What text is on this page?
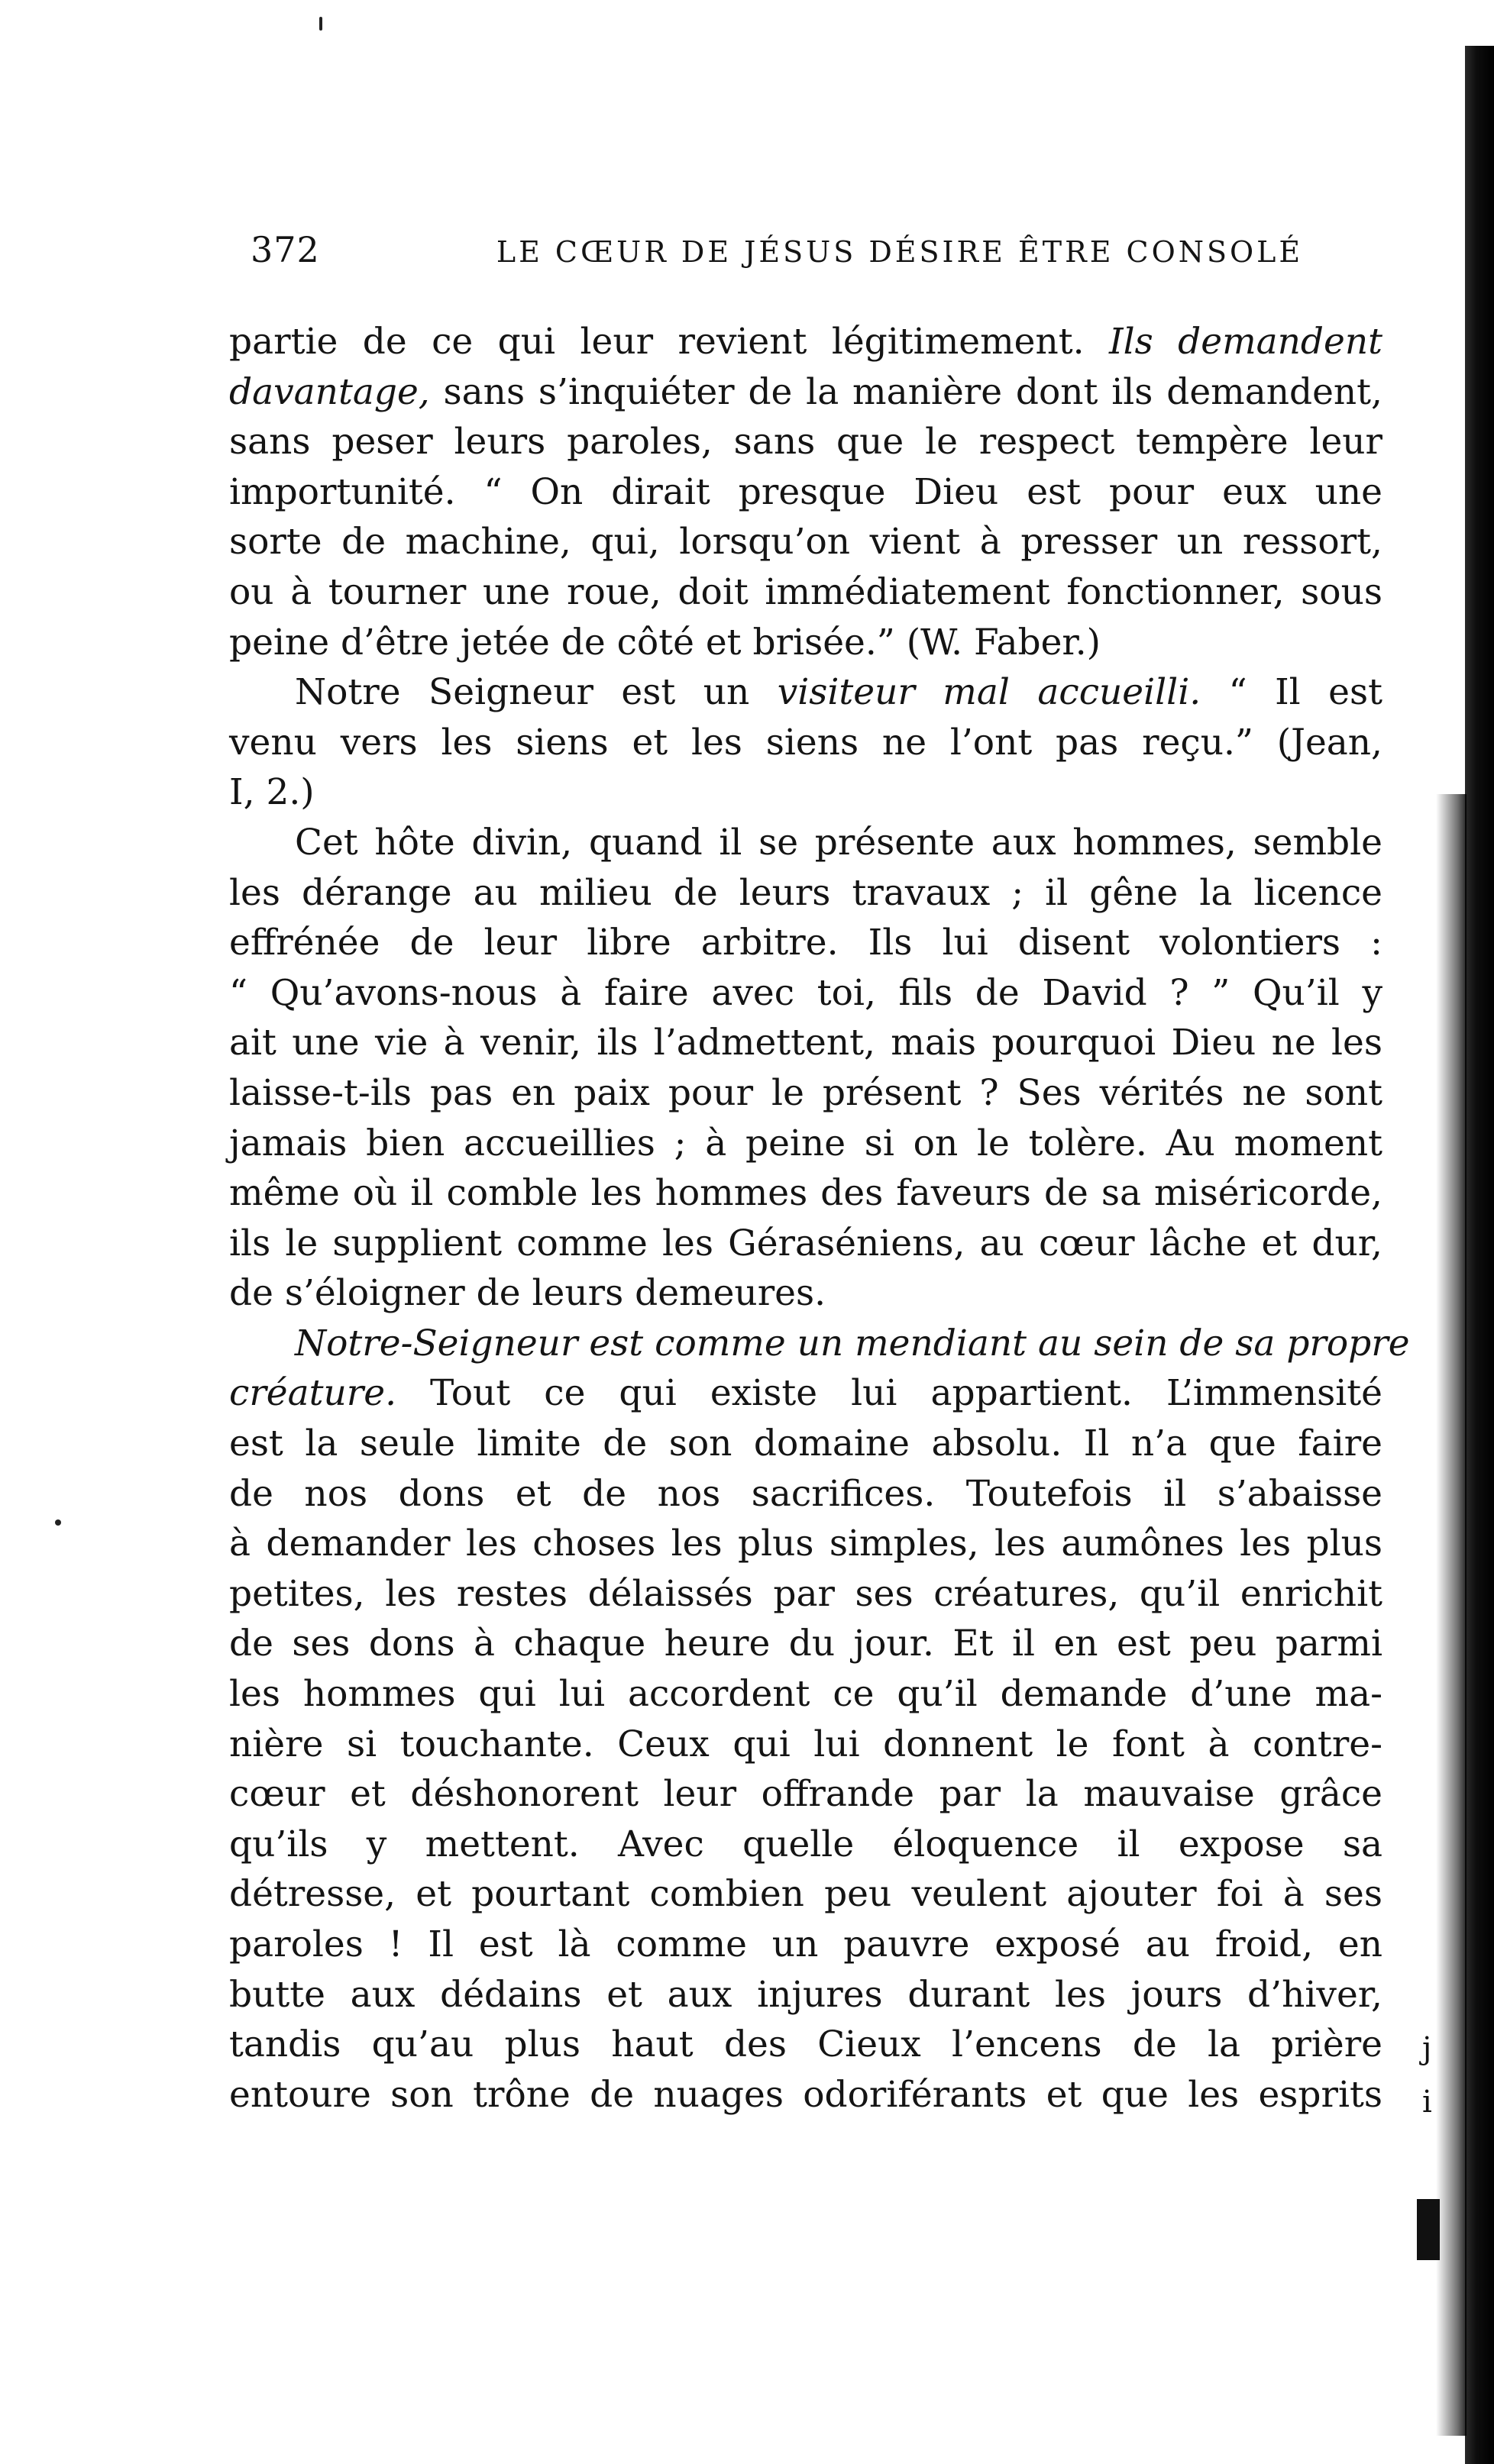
j
i
372	LE CŒUR DE JÉSUS DÉSIRE ÊTRE CONSOLÉ
partie de ce qui leur revient légitimement. Ils demandent
davantage, sans s’inquiéter de la manière dont ils demandent,
sans peser leurs paroles, sans que le respect tempère leur
importunité. “ On dirait presque Dieu est pour eux une
sorte de machine, qui, lorsqu’on vient à presser un ressort,
ou à tourner une roue, doit immédiatement fonctionner, sous
peine d’être jetée de côté et brisée.” (W. Faber.)
Notre Seigneur est un visiteur mal accueilli. “ Il est
venu vers les siens et les siens ne l’ont pas reçu.” (Jean,
I, 2.)
Cet hôte divin, quand il se présente aux hommes, semble
les dérange au milieu de leurs travaux ; il gêne la licence
effrénée de leur libre arbitre. Ils lui disent volontiers :
“ Qu’avons-nous à faire avec toi, fils de David ? ” Qu’il y
ait une vie à venir, ils l’admettent, mais pourquoi Dieu ne les
laisse-t-ils pas en paix pour le présent ? Ses vérités ne sont
jamais bien accueillies ; à peine si on le tolère. Au moment
même où il comble les hommes des faveurs de sa miséricorde,
ils le supplient comme les Géraséniens, au cœur lâche et dur,
de s’éloigner de leurs demeures.
Notre-Seigneur est comme un mendiant au sein de sa propre
créature. Tout ce qui existe lui appartient. L’immensité
est la seule limite de son domaine absolu. Il n’a que faire
de nos dons et de nos sacrifices. Toutefois il s’abaisse
à demander les choses les plus simples, les aumônes les plus
petites, les restes délaissés par ses créatures, qu’il enrichit
de ses dons à chaque heure du jour. Et il en est peu parmi
les hommes qui lui accordent ce qu’il demande d’une ma-
nière si touchante. Ceux qui lui donnent le font à contre-
cœur et déshonorent leur offrande par la mauvaise grâce
qu’ils y mettent. Avec quelle éloquence il expose sa
détresse, et pourtant combien peu veulent ajouter foi à ses
paroles ! Il est là comme un pauvre exposé au froid, en
butte aux dédains et aux injures durant les jours d’hiver,
tandis qu’au plus haut des Cieux l’encens de la prière
entoure son trône de nuages odoriférants et que les esprits
